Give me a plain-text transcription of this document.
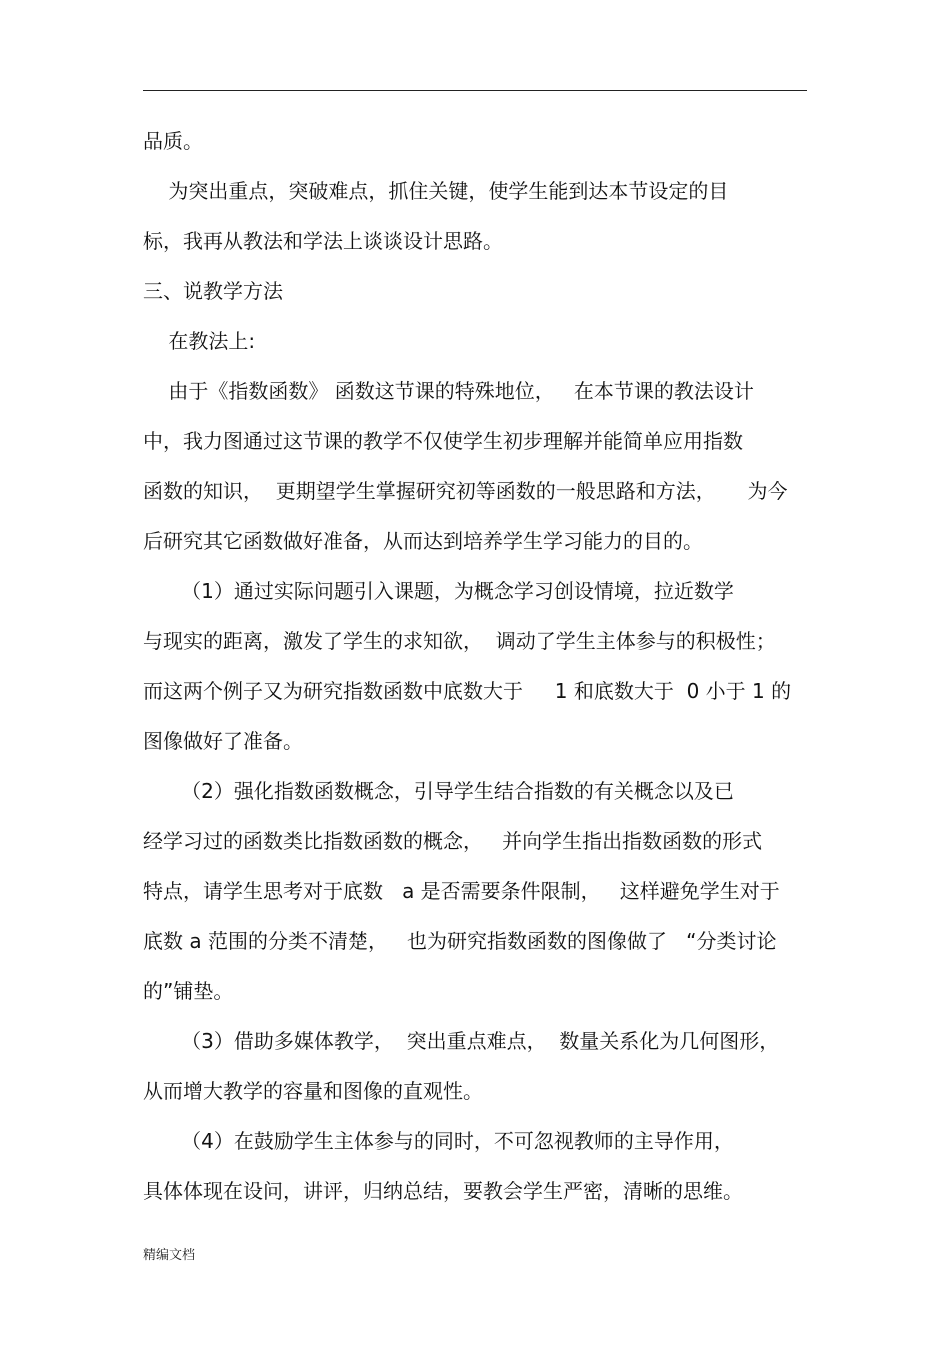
品质。
为突出重点，突破难点，抓住关键，使学生能到达本节设定的目
标，我再从教法和学法上谈谈设计思路。
三、说教学方法
在教法上:
由于《指数函数》 函数这节课的特殊地位，   在本节课的教法设计
中，我力图通过这节课的教学不仅使学生初步理解并能简单应用指数
函数的知识，  更期望学生掌握研究初等函数的一般思路和方法，     为今
后研究其它函数做好准备，从而达到培养学生学习能力的目的。
（1）通过实际问题引入课题，为概念学习创设情境，拉近数学
与现实的距离，激发了学生的求知欲，  调动了学生主体参与的积极性；
而这两个例子又为研究指数函数中底数大于     1 和底数大于  0 小于 1 的
图像做好了准备。
（2）强化指数函数概念，引导学生结合指数的有关概念以及已
经学习过的函数类比指数函数的概念，   并向学生指出指数函数的形式
特点，请学生思考对于底数   a 是否需要条件限制，   这样避免学生对于
底数 a 范围的分类不清楚，   也为研究指数函数的图像做了   “分类讨论
的”铺垫。
（3）借助多媒体教学，  突出重点难点，  数量关系化为几何图形，
从而增大教学的容量和图像的直观性。
（4）在鼓励学生主体参与的同时，不可忽视教师的主导作用，
具体体现在设问，讲评，归纳总结，要教会学生严密，清晰的思维。
精编文档
